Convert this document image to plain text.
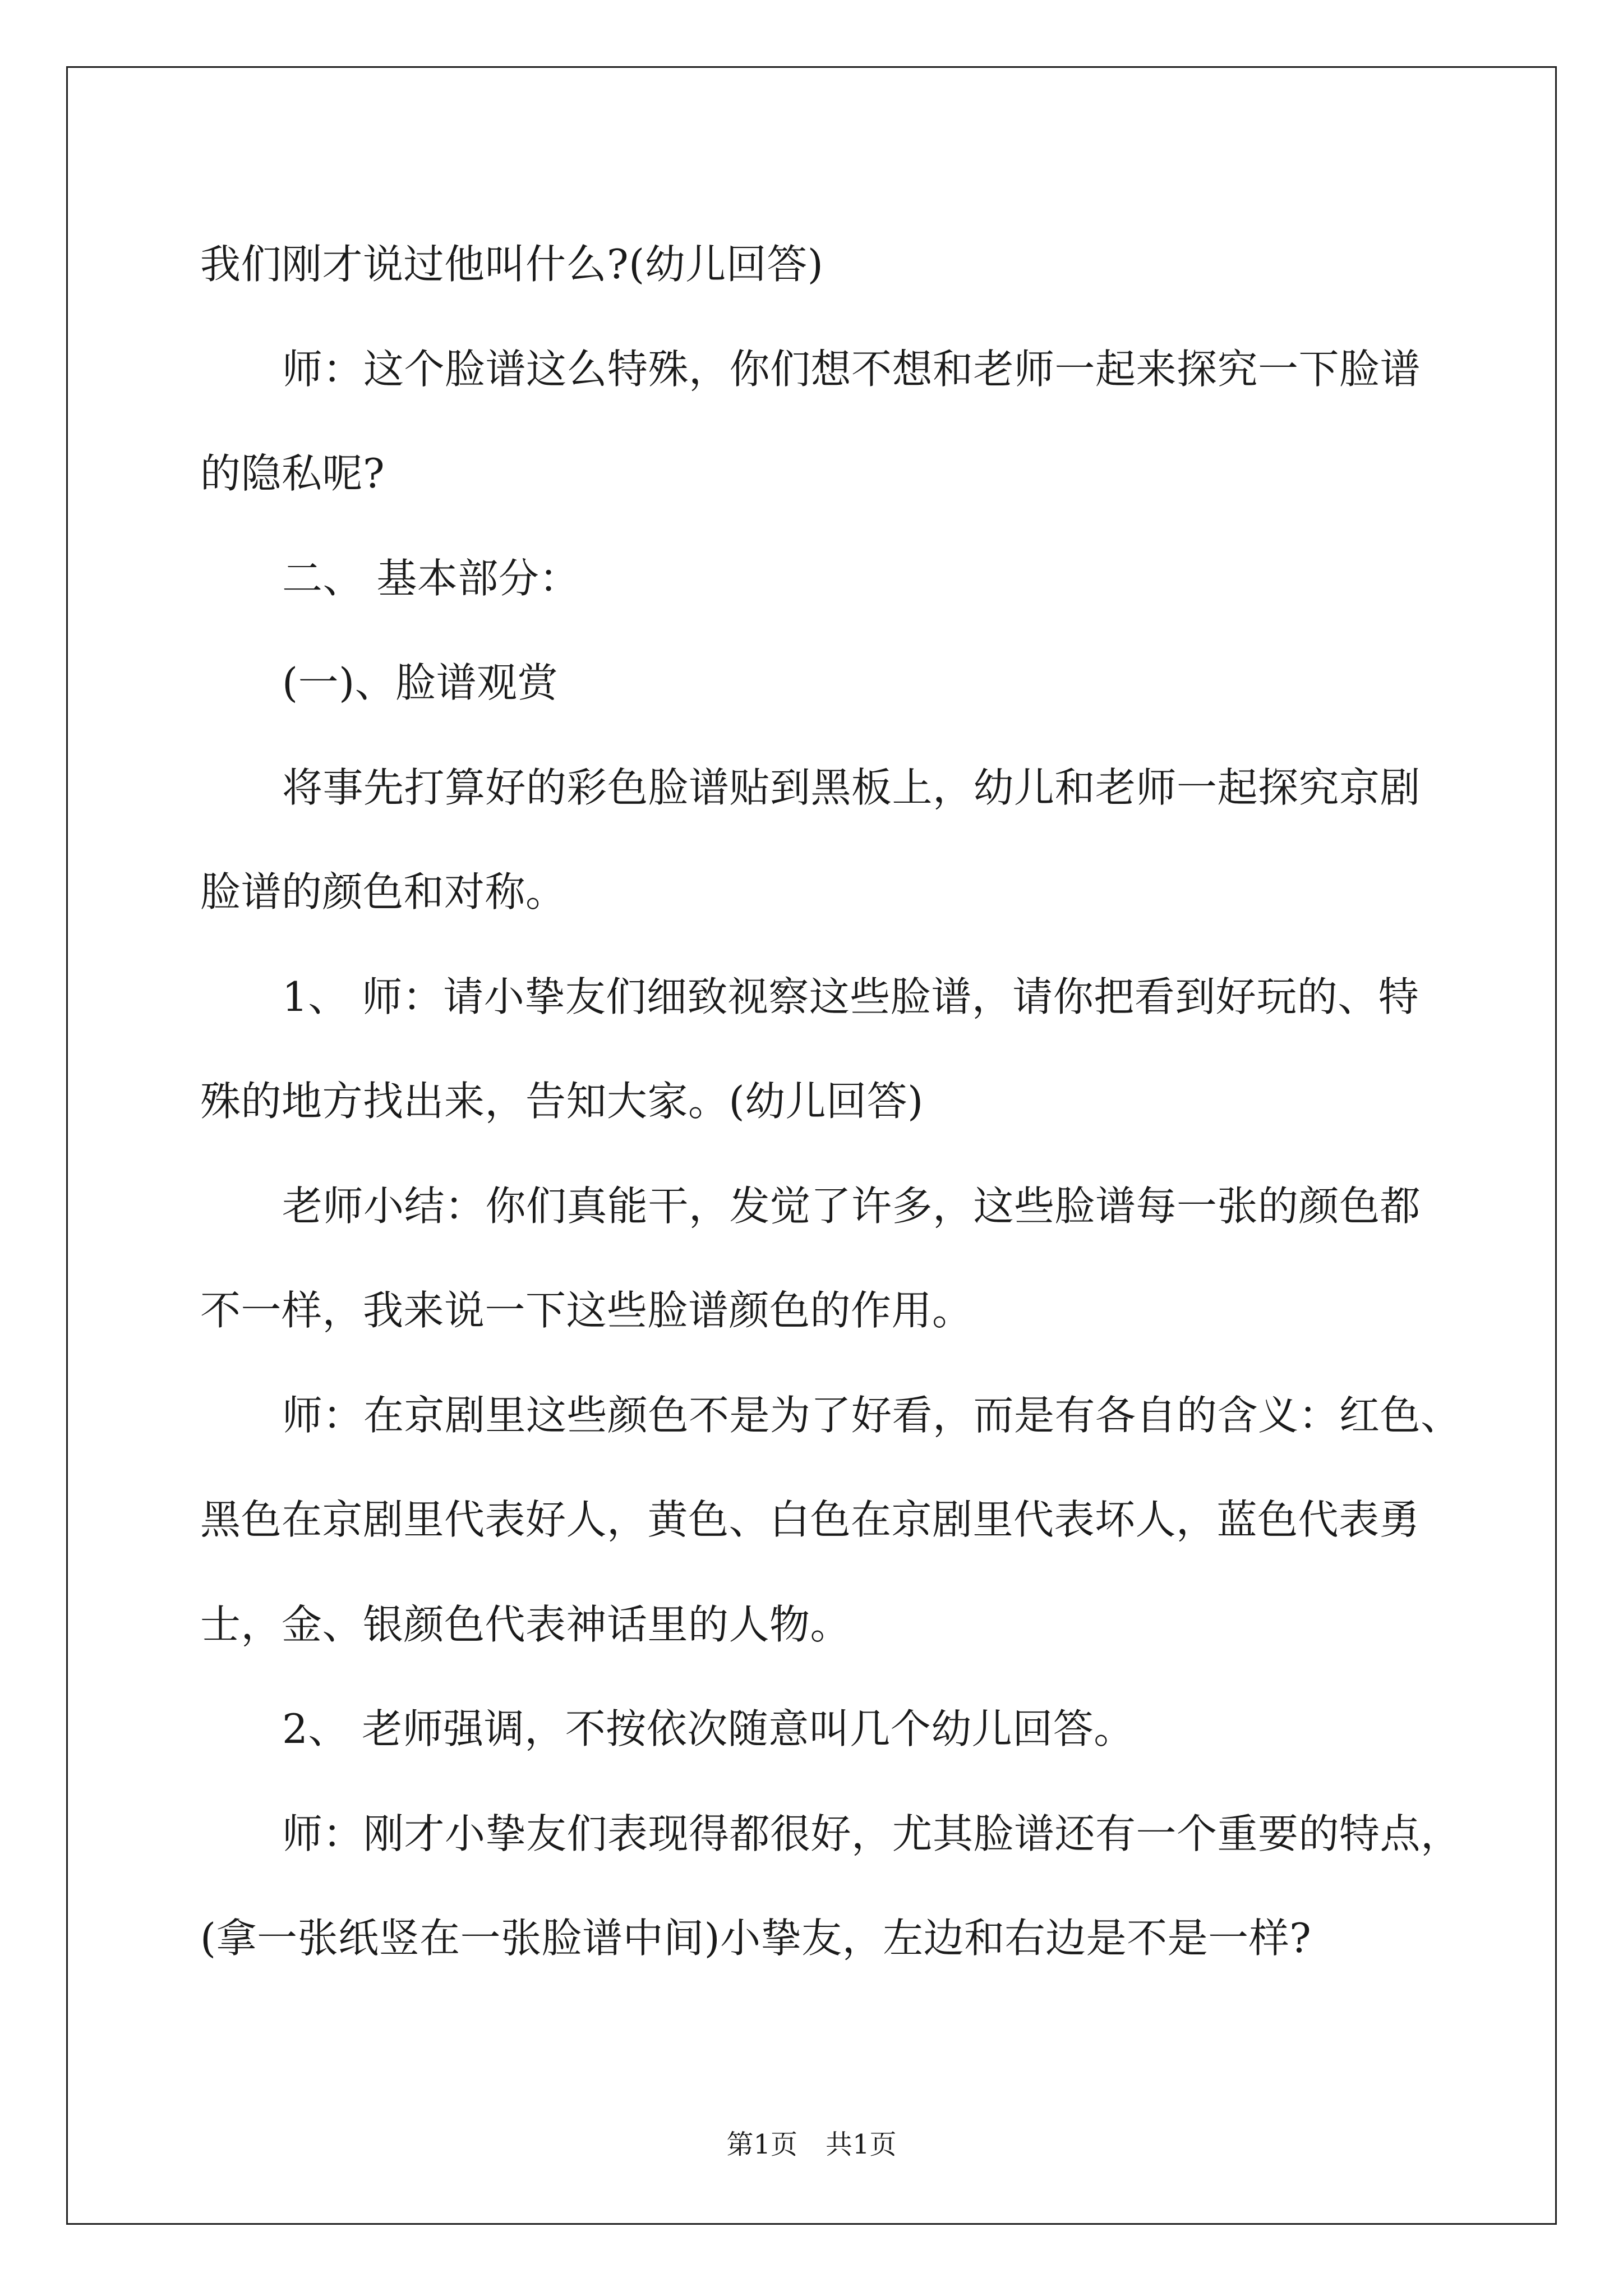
我们刚才说过他叫什么?(幼儿回答)
师：这个脸谱这么特殊，你们想不想和老师一起来探究一下脸谱
的隐私呢?
二、 基本部分：
(一)、脸谱观赏
将事先打算好的彩色脸谱贴到黑板上，幼儿和老师一起探究京剧
脸谱的颜色和对称。
1、 师：请小挚友们细致视察这些脸谱，请你把看到好玩的、特
殊的地方找出来，告知大家。(幼儿回答)
老师小结：你们真能干，发觉了许多，这些脸谱每一张的颜色都
不一样，我来说一下这些脸谱颜色的作用。
师：在京剧里这些颜色不是为了好看，而是有各自的含义：红色、
黑色在京剧里代表好人，黄色、白色在京剧里代表坏人，蓝色代表勇
士，金、银颜色代表神话里的人物。
2、 老师强调，不按依次随意叫几个幼儿回答。
师：刚才小挚友们表现得都很好，尤其脸谱还有一个重要的特点，
(拿一张纸竖在一张脸谱中间)小挚友，左边和右边是不是一样?
第1页 共1页
